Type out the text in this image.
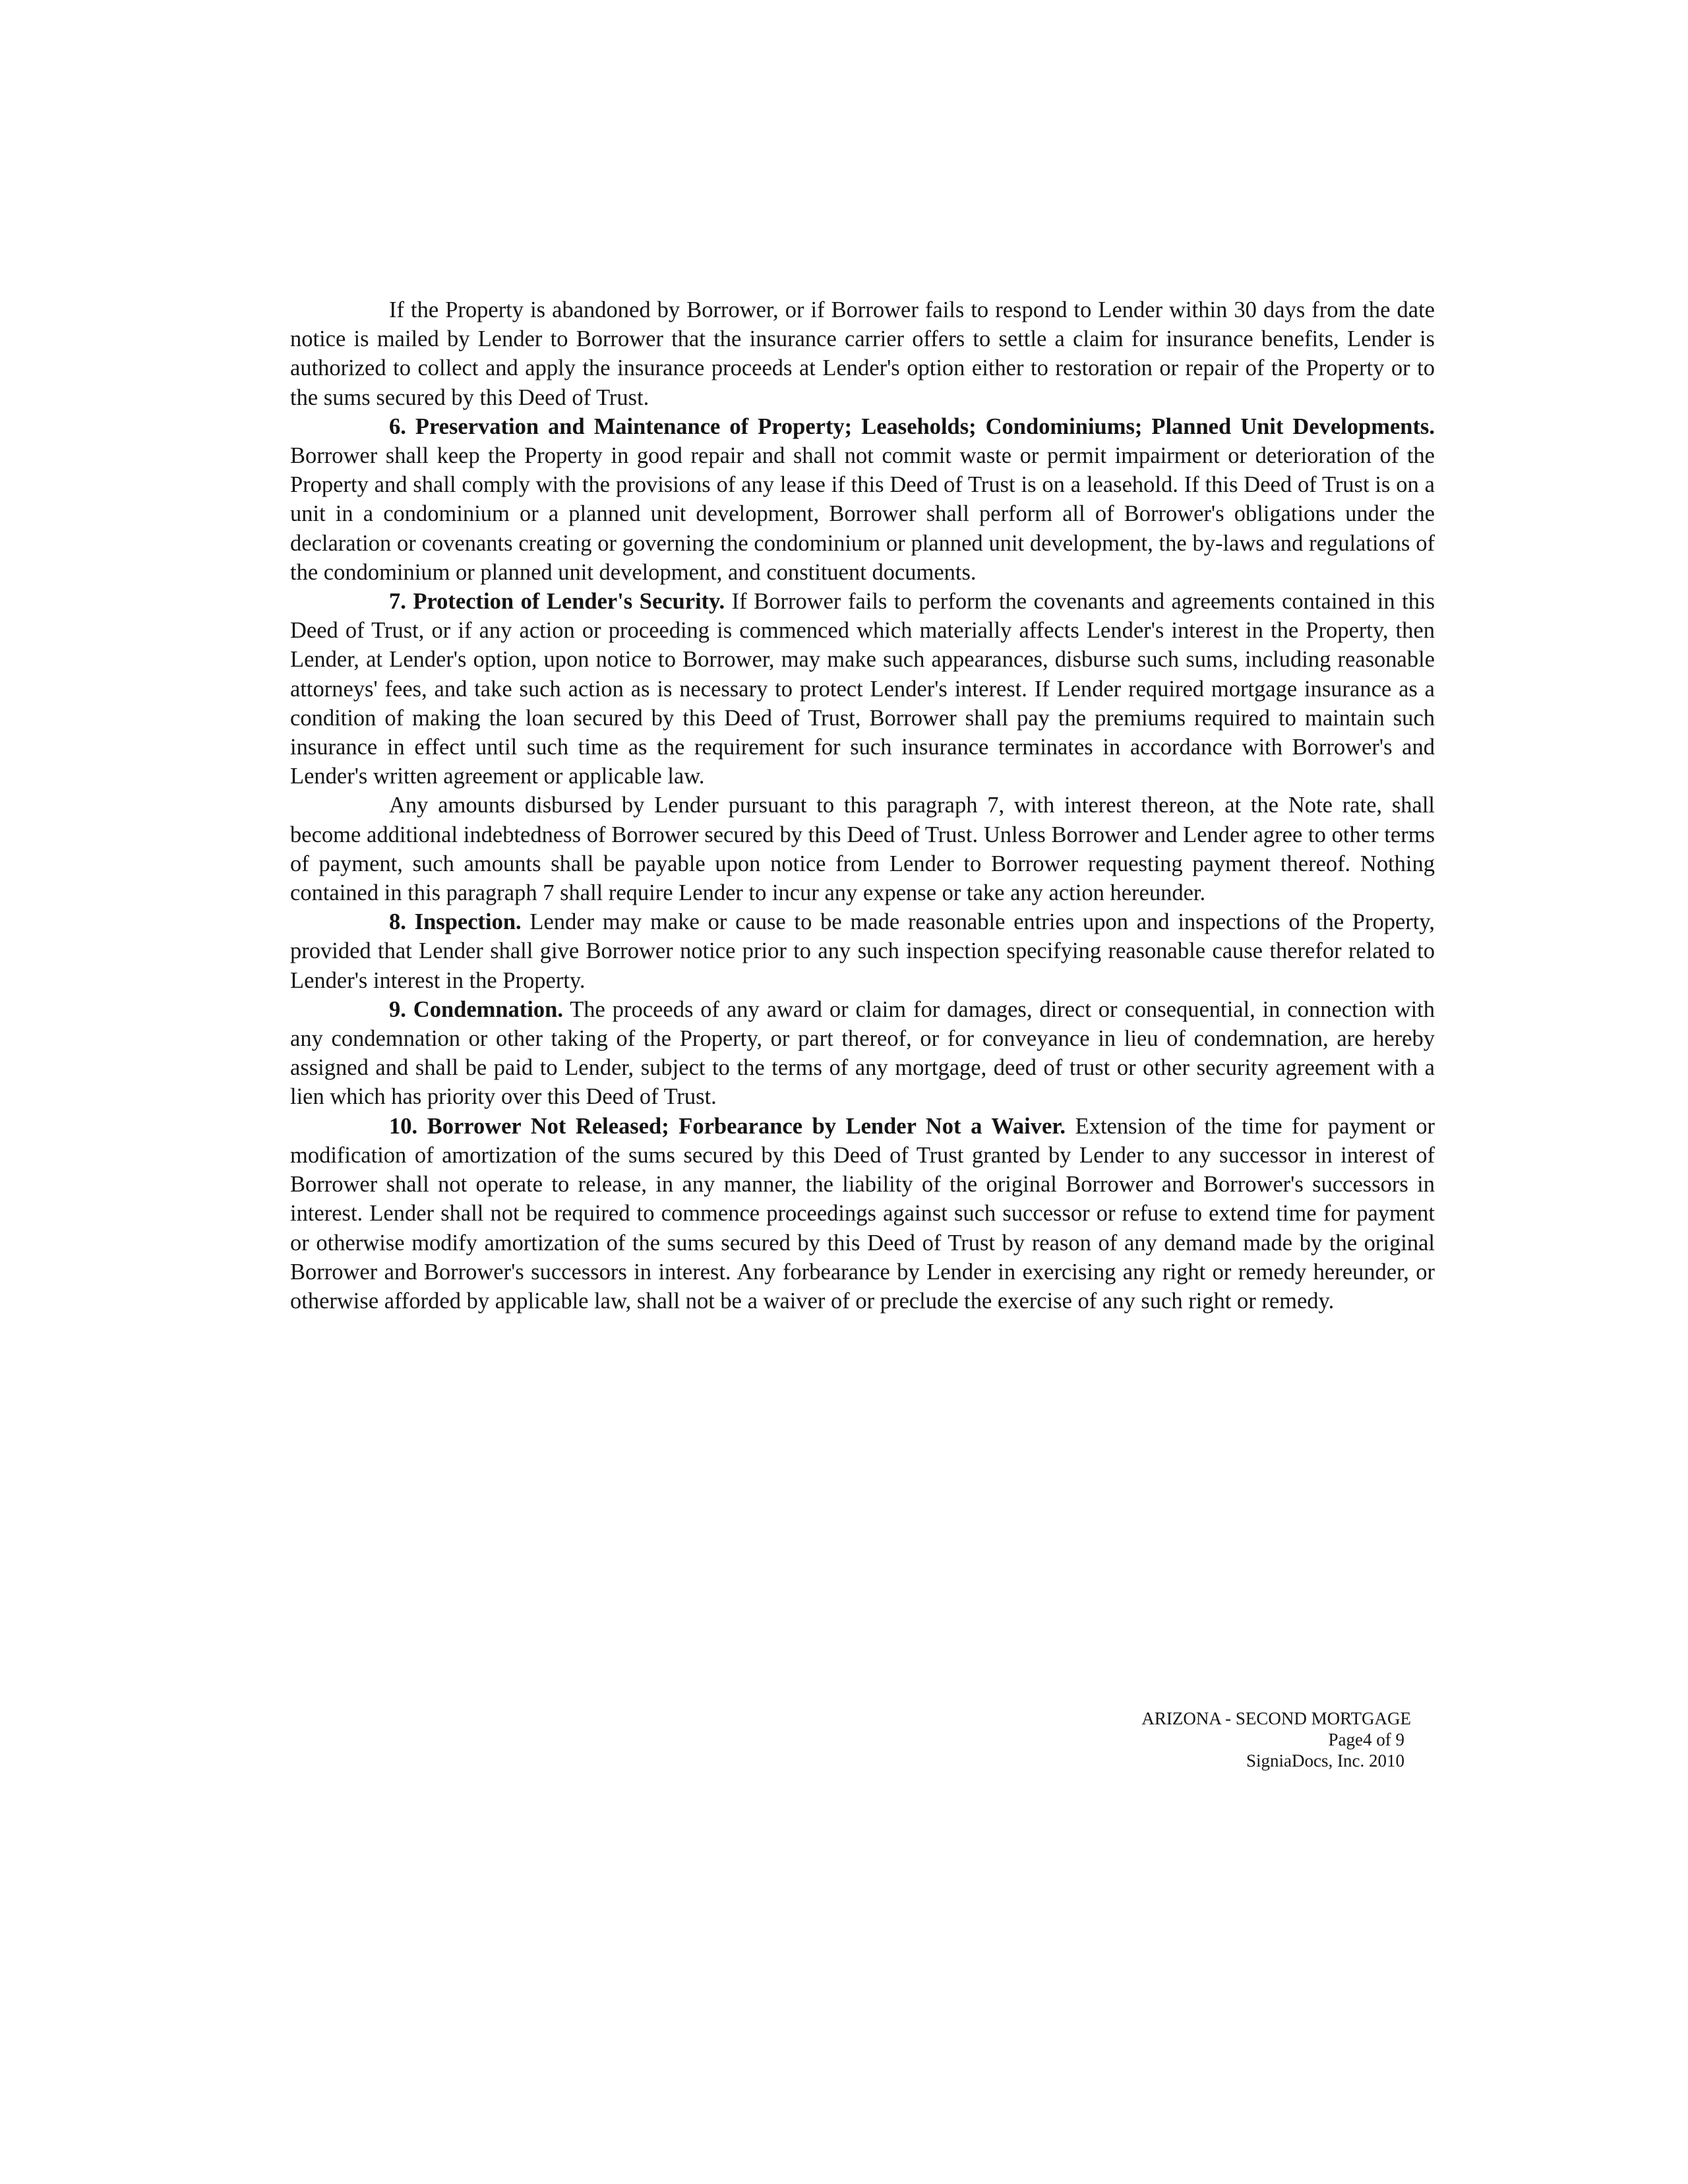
If the Property is abandoned by Borrower, or if Borrower fails to respond to Lender within 30 days from the date notice is mailed by Lender to Borrower that the insurance carrier offers to settle a claim for insurance benefits, Lender is authorized to collect and apply the insurance proceeds at Lender's option either to restoration or repair of the Property or to the sums secured by this Deed of Trust.

6. Preservation and Maintenance of Property; Leaseholds; Condominiums; Planned Unit Developments. Borrower shall keep the Property in good repair and shall not commit waste or permit impairment or deterioration of the Property and shall comply with the provisions of any lease if this Deed of Trust is on a leasehold. If this Deed of Trust is on a unit in a condominium or a planned unit development, Borrower shall perform all of Borrower's obligations under the declaration or covenants creating or governing the condominium or planned unit development, the by-laws and regulations of the condominium or planned unit development, and constituent documents.

7. Protection of Lender's Security. If Borrower fails to perform the covenants and agreements contained in this Deed of Trust, or if any action or proceeding is commenced which materially affects Lender's interest in the Property, then Lender, at Lender's option, upon notice to Borrower, may make such appearances, disburse such sums, including reasonable attorneys' fees, and take such action as is necessary to protect Lender's interest. If Lender required mortgage insurance as a condition of making the loan secured by this Deed of Trust, Borrower shall pay the premiums required to maintain such insurance in effect until such time as the requirement for such insurance terminates in accordance with Borrower's and Lender's written agreement or applicable law.

Any amounts disbursed by Lender pursuant to this paragraph 7, with interest thereon, at the Note rate, shall become additional indebtedness of Borrower secured by this Deed of Trust. Unless Borrower and Lender agree to other terms of payment, such amounts shall be payable upon notice from Lender to Borrower requesting payment thereof. Nothing contained in this paragraph 7 shall require Lender to incur any expense or take any action hereunder.

8. Inspection. Lender may make or cause to be made reasonable entries upon and inspections of the Property, provided that Lender shall give Borrower notice prior to any such inspection specifying reasonable cause therefor related to Lender's interest in the Property.

9. Condemnation. The proceeds of any award or claim for damages, direct or consequential, in connection with any condemnation or other taking of the Property, or part thereof, or for conveyance in lieu of condemnation, are hereby assigned and shall be paid to Lender, subject to the terms of any mortgage, deed of trust or other security agreement with a lien which has priority over this Deed of Trust.

10. Borrower Not Released; Forbearance by Lender Not a Waiver. Extension of the time for payment or modification of amortization of the sums secured by this Deed of Trust granted by Lender to any successor in interest of Borrower shall not operate to release, in any manner, the liability of the original Borrower and Borrower's successors in interest. Lender shall not be required to commence proceedings against such successor or refuse to extend time for payment or otherwise modify amortization of the sums secured by this Deed of Trust by reason of any demand made by the original Borrower and Borrower's successors in interest. Any forbearance by Lender in exercising any right or remedy hereunder, or otherwise afforded by applicable law, shall not be a waiver of or preclude the exercise of any such right or remedy.

ARIZONA - SECOND MORTGAGE
Page4 of 9
SigniaDocs, Inc. 2010
